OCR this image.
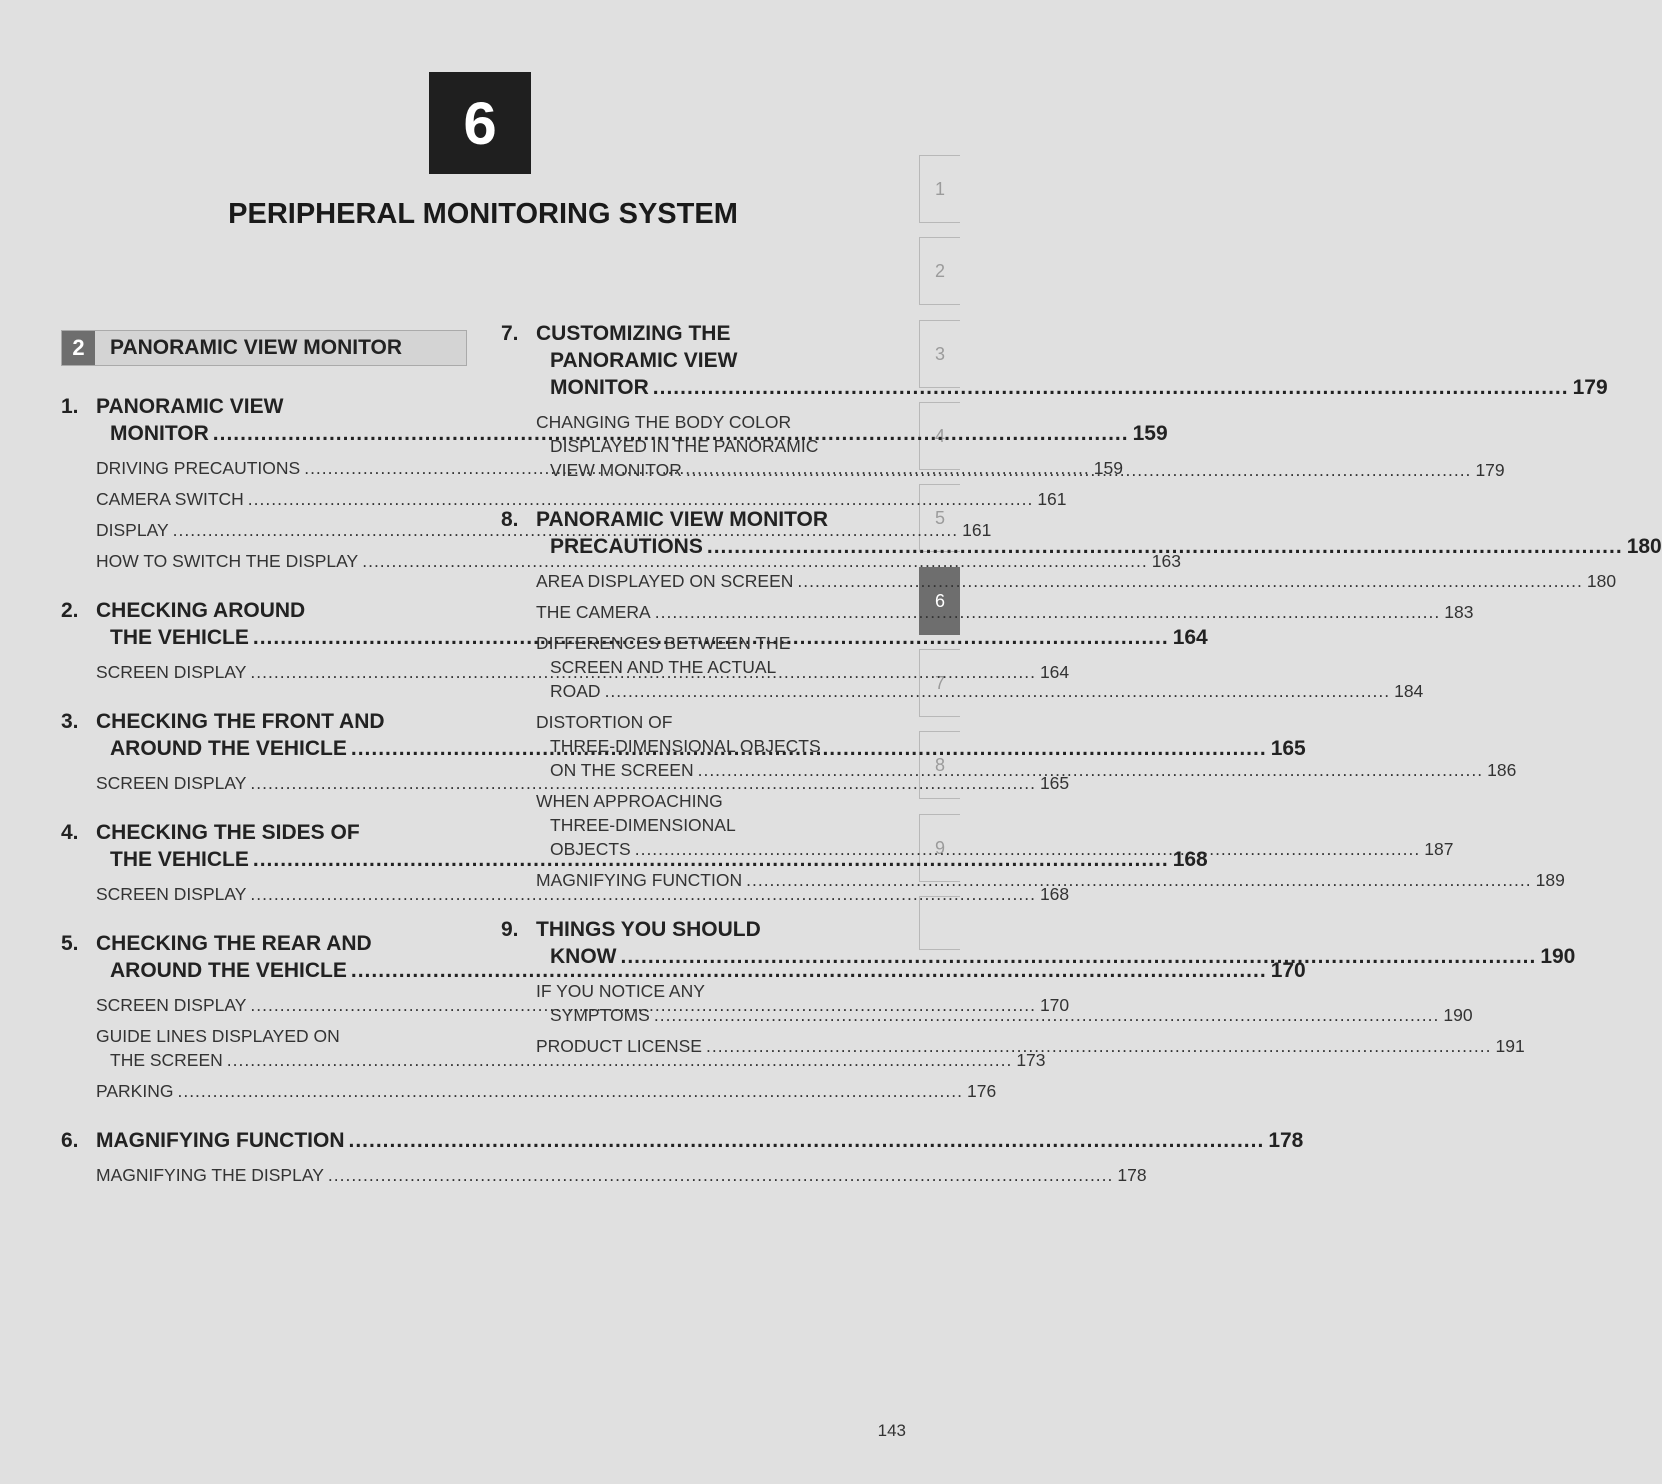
6
PERIPHERAL MONITORING SYSTEM
1
2
3
4
5
6
7
8
9
2	PANORAMIC VIEW MONITOR
1. PANORAMIC VIEW
MONITOR .....	159
DRIVING PRECAUTIONS .....	159
CAMERA SWITCH .....	161
DISPLAY .....	161
HOW TO SWITCH THE DISPLAY .....	163
2. CHECKING AROUND
THE VEHICLE .....	164
SCREEN DISPLAY .....	164
3. CHECKING THE FRONT AND
AROUND THE VEHICLE .....	165
SCREEN DISPLAY .....	165
4. CHECKING THE SIDES OF
THE VEHICLE .....	168
SCREEN DISPLAY .....	168
5. CHECKING THE REAR AND
AROUND THE VEHICLE .....	170
SCREEN DISPLAY .....	170
GUIDE LINES DISPLAYED ON
THE SCREEN .....	173
PARKING .....	176
6. MAGNIFYING FUNCTION .....	178
MAGNIFYING THE DISPLAY .....	178
7. CUSTOMIZING THE
PANORAMIC VIEW
MONITOR .....	179
CHANGING THE BODY COLOR
DISPLAYED IN THE PANORAMIC
VIEW MONITOR .....	179
8. PANORAMIC VIEW MONITOR
PRECAUTIONS .....	180
AREA DISPLAYED ON SCREEN .....	180
THE CAMERA .....	183
DIFFERENCES BETWEEN THE
SCREEN AND THE ACTUAL
ROAD .....	184
DISTORTION OF
THREE-DIMENSIONAL OBJECTS
ON THE SCREEN .....	186
WHEN APPROACHING
THREE-DIMENSIONAL
OBJECTS .....	187
MAGNIFYING FUNCTION .....	189
9. THINGS YOU SHOULD
KNOW .....	190
IF YOU NOTICE ANY
SYMPTOMS .....	190
PRODUCT LICENSE .....	191
143
